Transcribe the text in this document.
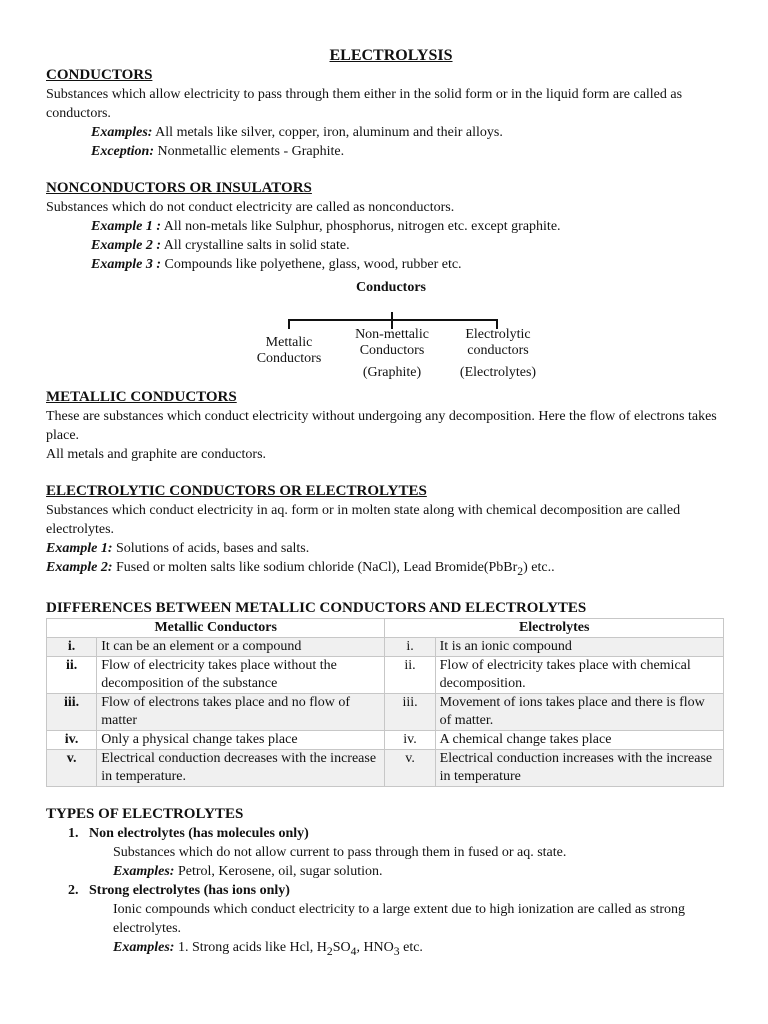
ELECTROLYSIS

CONDUCTORS

Substances which allow electricity to pass through them either in the solid form or in the liquid form are called as conductors.

Examples: All metals like silver, copper, iron, aluminum and their alloys.

Exception: Nonmetallic elements - Graphite.

NONCONDUCTORS OR INSULATORS

Substances which do not conduct electricity are called as nonconductors.

Example 1 : All non-metals like Sulphur, phosphorus, nitrogen etc. except graphite.

Example 2 : All crystalline salts in solid state.

Example 3 : Compounds like polyethene, glass, wood, rubber etc.

Conductors
Mettalic
Conductors
Non-mettalic
Conductors
(Graphite)
Electrolytic
conductors
(Electrolytes)

METALLIC CONDUCTORS

These are substances which conduct electricity without undergoing any decomposition. Here the flow of electrons takes place.

All metals and graphite are conductors.

ELECTROLYTIC CONDUCTORS OR ELECTROLYTES

Substances which conduct electricity in aq. form or in molten state along with chemical decomposition are called electrolytes.

Example 1: Solutions of acids, bases and salts.

Example 2: Fused or molten salts like sodium chloride (NaCl), Lead Bromide(PbBr$_2$) etc..

DIFFERENCES BETWEEN METALLIC CONDUCTORS AND ELECTROLYTES

Metallic Conductors		Electrolytes	
i.	It can be an element or a compound	i.	It is an ionic compound
ii.	Flow of electricity takes place without the decomposition of the substance	ii.	Flow of electricity takes place with chemical decomposition.
iii.	Flow of electrons takes place and no flow of matter	iii.	Movement of ions takes place and there is flow of matter.
iv.	Only a physical change takes place	iv.	A chemical change takes place
v.	Electrical conduction decreases with the increase in temperature.	v.	Electrical conduction increases with the increase in temperature

TYPES OF ELECTROLYTES

1.   Non electrolytes (has molecules only)

Substances which do not allow current to pass through them in fused or aq. state.

Examples: Petrol, Kerosene, oil, sugar solution.

2.   Strong electrolytes (has ions only)

Ionic compounds which conduct electricity to a large extent due to high ionization are called as strong electrolytes.

Examples: 1. Strong acids like Hcl, $H_2SO_4$, $HNO_3$ etc.
